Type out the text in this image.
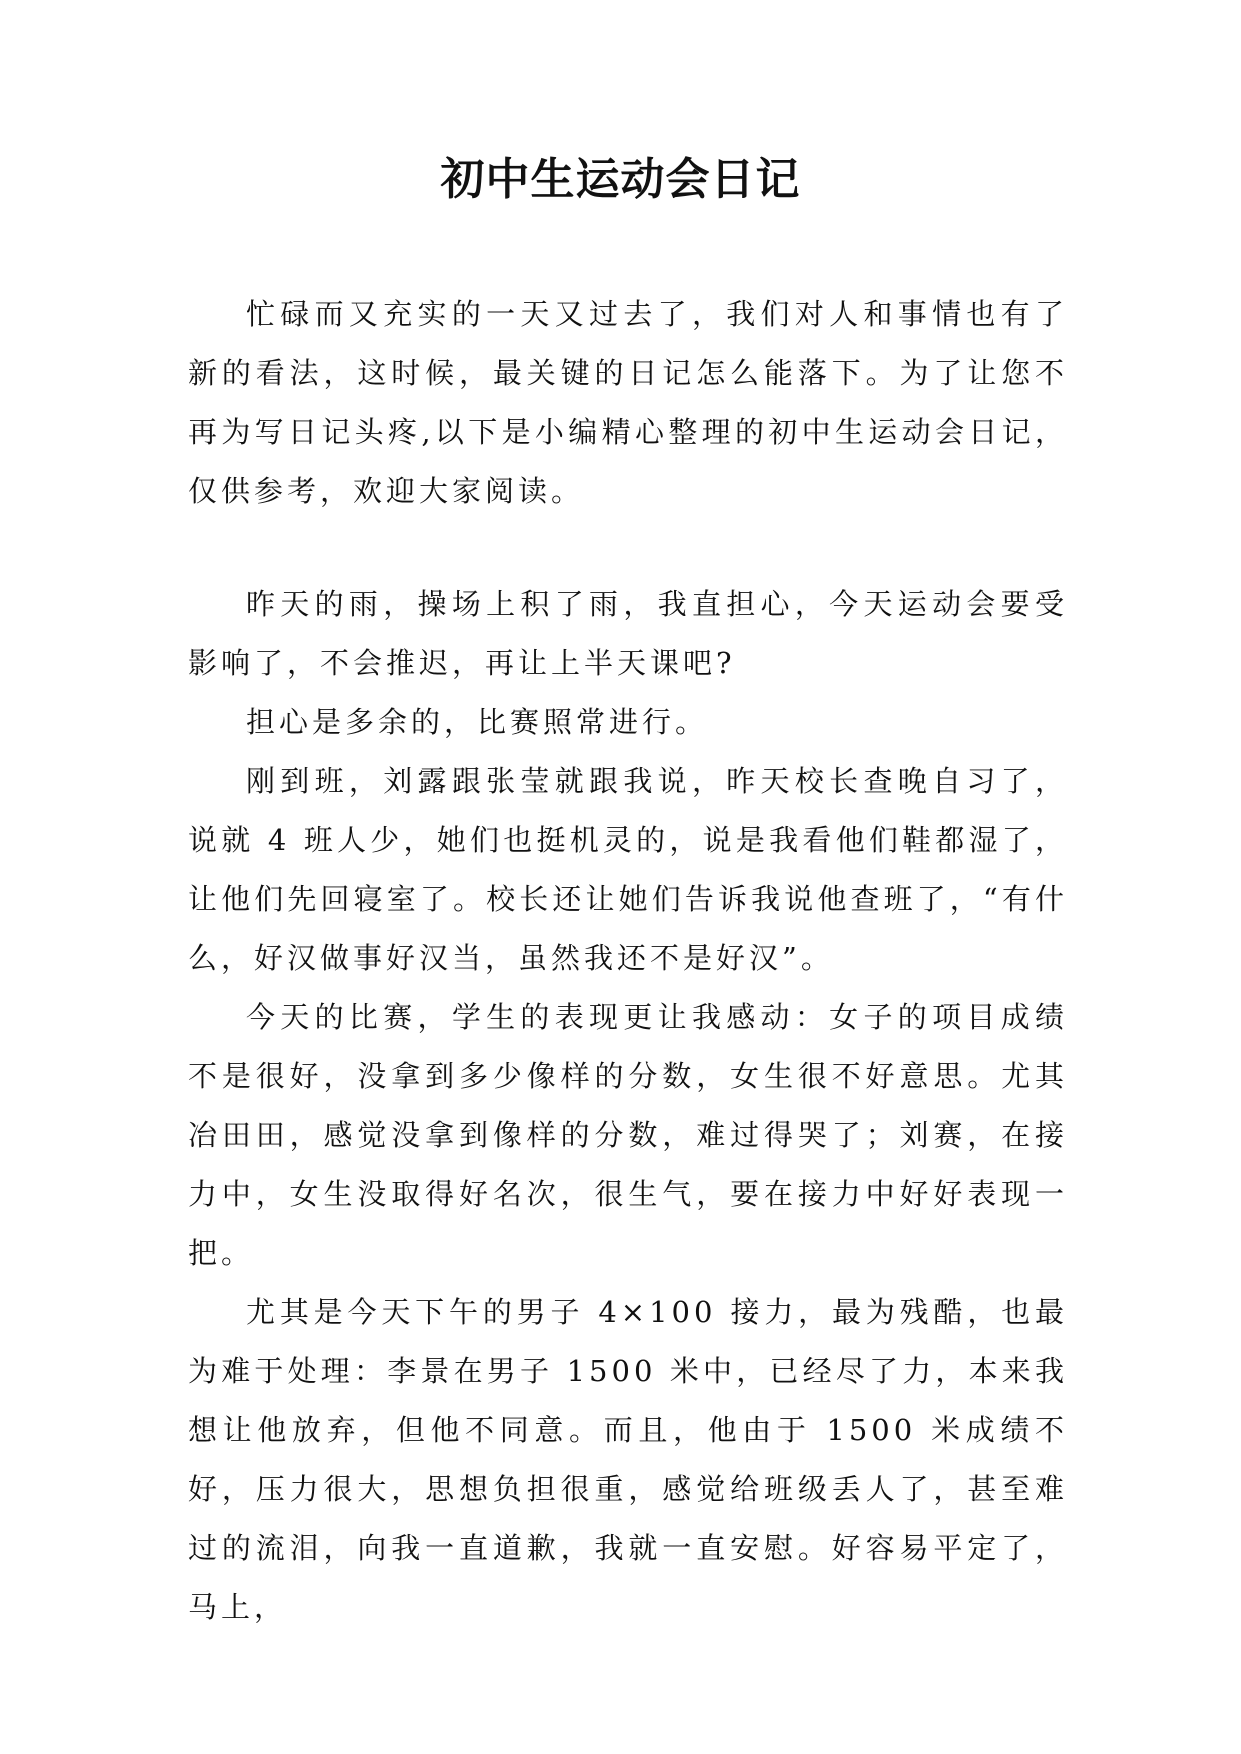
初中生运动会日记

忙碌而又充实的一天又过去了，我们对人和事情也有了新的看法，这时候，最关键的日记怎么能落下。为了让您不再为写日记头疼,以下是小编精心整理的初中生运动会日记，仅供参考，欢迎大家阅读。

昨天的雨，操场上积了雨，我直担心，今天运动会要受影响了，不会推迟，再让上半天课吧?

担心是多余的，比赛照常进行。

刚到班，刘露跟张莹就跟我说，昨天校长查晚自习了，说就 4 班人少，她们也挺机灵的，说是我看他们鞋都湿了，让他们先回寝室了。校长还让她们告诉我说他查班了，“有什么，好汉做事好汉当，虽然我还不是好汉”。

今天的比赛，学生的表现更让我感动：女子的项目成绩不是很好，没拿到多少像样的分数，女生很不好意思。尤其冶田田，感觉没拿到像样的分数，难过得哭了；刘赛，在接力中，女生没取得好名次，很生气，要在接力中好好表现一把。

尤其是今天下午的男子 4×100 接力，最为残酷，也最为难于处理：李景在男子 1500 米中，已经尽了力，本来我想让他放弃，但他不同意。而且，他由于 1500 米成绩不好，压力很大，思想负担很重，感觉给班级丢人了，甚至难过的流泪，向我一直道歉，我就一直安慰。好容易平定了，马上，
